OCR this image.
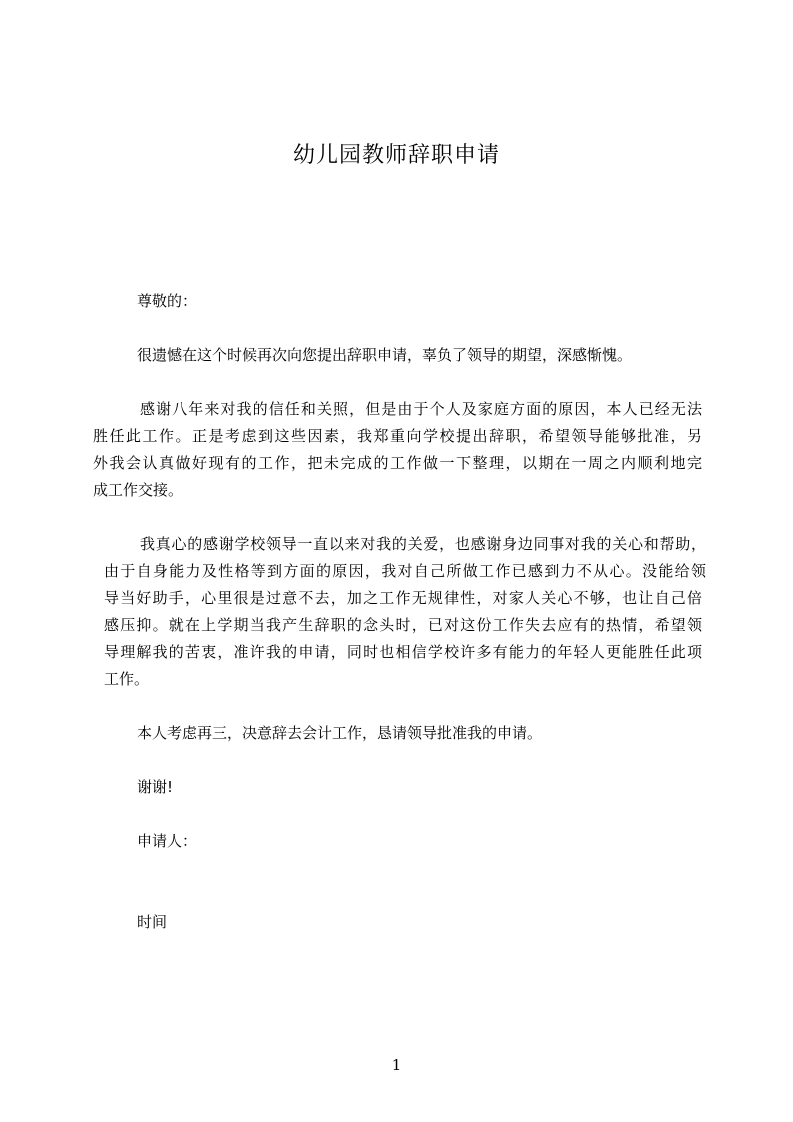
幼儿园教师辞职申请
尊敬的：
很遗憾在这个时候再次向您提出辞职申请，辜负了领导的期望，深感惭愧。
感谢八年来对我的信任和关照，但是由于个人及家庭方面的原因，本人已经无法
胜任此工作。正是考虑到这些因素，我郑重向学校提出辞职，希望领导能够批准，另
外我会认真做好现有的工作，把未完成的工作做一下整理，以期在一周之内顺利地完
成工作交接。
我真心的感谢学校领导一直以来对我的关爱，也感谢身边同事对我的关心和帮助，
由于自身能力及性格等到方面的原因，我对自己所做工作已感到力不从心。没能给领
导当好助手，心里很是过意不去，加之工作无规律性，对家人关心不够，也让自己倍
感压抑。就在上学期当我产生辞职的念头时，已对这份工作失去应有的热情，希望领
导理解我的苦衷，准许我的申请，同时也相信学校许多有能力的年轻人更能胜任此项
工作。
本人考虑再三，决意辞去会计工作，恳请领导批准我的申请。
谢谢!
申请人：
时间
1
